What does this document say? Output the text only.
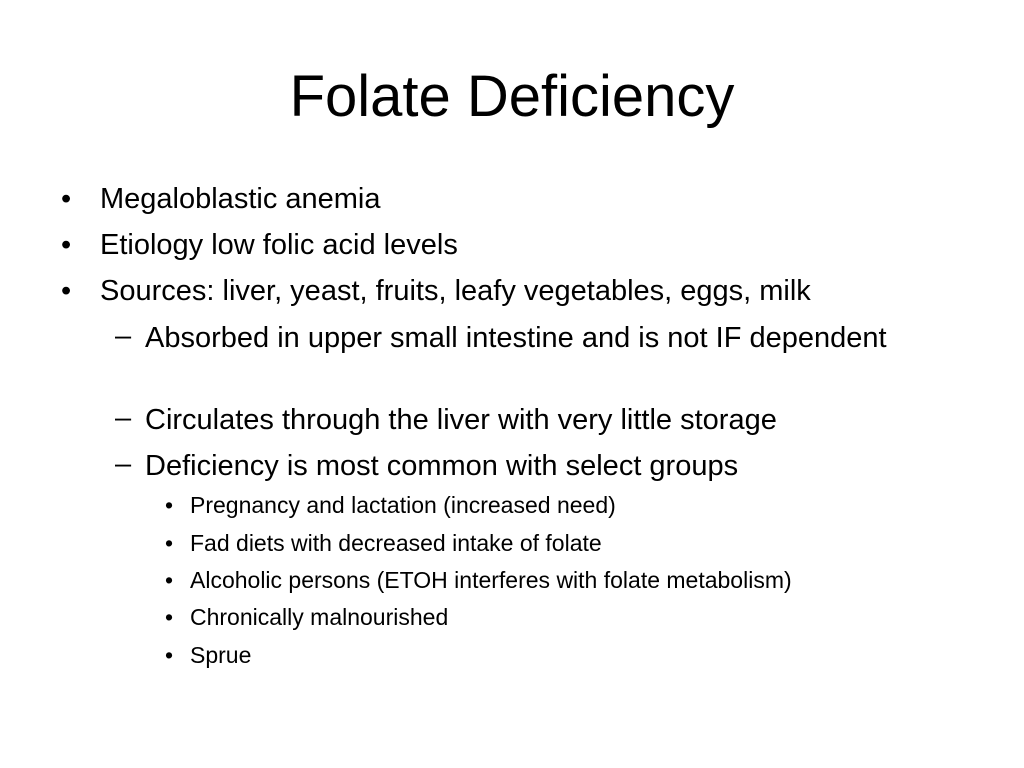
Folate Deficiency
• Megaloblastic anemia
• Etiology low folic acid levels
• Sources: liver, yeast, fruits, leafy vegetables, eggs, milk
– Absorbed in upper small intestine and is not IF dependent
– Circulates through the liver with very little storage
– Deficiency is most common with select groups
• Pregnancy and lactation (increased need)
• Fad diets with decreased intake of folate
• Alcoholic persons (ETOH interferes with folate metabolism)
• Chronically malnourished
• Sprue
